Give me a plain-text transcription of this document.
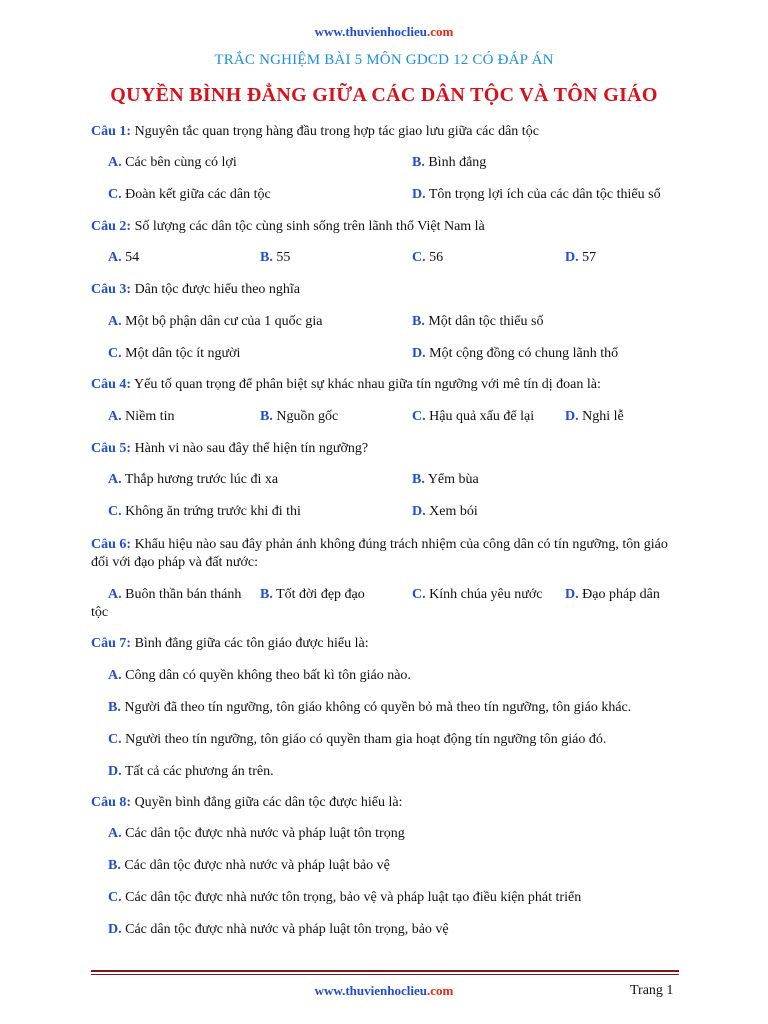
www.thuvienhoclieu.com
TRẮC NGHIỆM BÀI 5 MÔN GDCD 12 CÓ ĐÁP ÁN
QUYỀN BÌNH ĐẲNG GIỮA CÁC DÂN TỘC VÀ TÔN GIÁO
Câu 1: Nguyên tắc quan trọng hàng đầu trong hợp tác giao lưu giữa các dân tộc
A. Các bên cùng có lợi	B. Bình đẳng
C. Đoàn kết giữa các dân tộc	D. Tôn trọng lợi ích của các dân tộc thiểu số
Câu 2: Số lượng các dân tộc cùng sinh sống trên lãnh thổ Việt Nam là
A. 54	B. 55	C. 56	D. 57
Câu 3: Dân tộc được hiểu theo nghĩa
A. Một bộ phận dân cư của 1 quốc gia	B. Một dân tộc thiểu số
C. Một dân tộc ít người	D. Một cộng đồng có chung lãnh thổ
Câu 4: Yếu tố quan trọng để phân biệt sự khác nhau giữa tín ngưỡng với mê tín dị đoan là:
A. Niềm tin	B. Nguồn gốc	C. Hậu quả xấu để lại D. Nghi lễ
Câu 5: Hành vi nào sau đây thể hiện tín ngưỡng?
A. Thắp hương trước lúc đi xa	B. Yểm bùa
C. Không ăn trứng trước khi đi thi	D. Xem bói
Câu 6: Khẩu hiệu nào sau đây phản ánh không đúng trách nhiệm của công dân có tín ngưỡng, tôn giáo đối với đạo pháp và đất nước:
A. Buôn thần bán thánh B. Tốt đời đẹp đạo	C. Kính chúa yêu nước D. Đạo pháp dân
tộc
Câu 7: Bình đẳng giữa các tôn giáo được hiểu là:
A. Công dân có quyền không theo bất kì tôn giáo nào.
B. Người đã theo tín ngưỡng, tôn giáo không có quyền bỏ mà theo tín ngưỡng, tôn giáo khác.
C. Người theo tín ngưỡng, tôn giáo có quyền tham gia hoạt động tín ngưỡng tôn giáo đó.
D. Tất cả các phương án trên.
Câu 8: Quyền bình đẳng giữa các dân tộc được hiểu là:
A. Các dân tộc được nhà nước và pháp luật tôn trọng
B. Các dân tộc được nhà nước và pháp luật bảo vệ
C. Các dân tộc được nhà nước tôn trọng, bảo vệ và pháp luật tạo điều kiện phát triển
D. Các dân tộc được nhà nước và pháp luật tôn trọng, bảo vệ
www.thuvienhoclieu.com	Trang 1
